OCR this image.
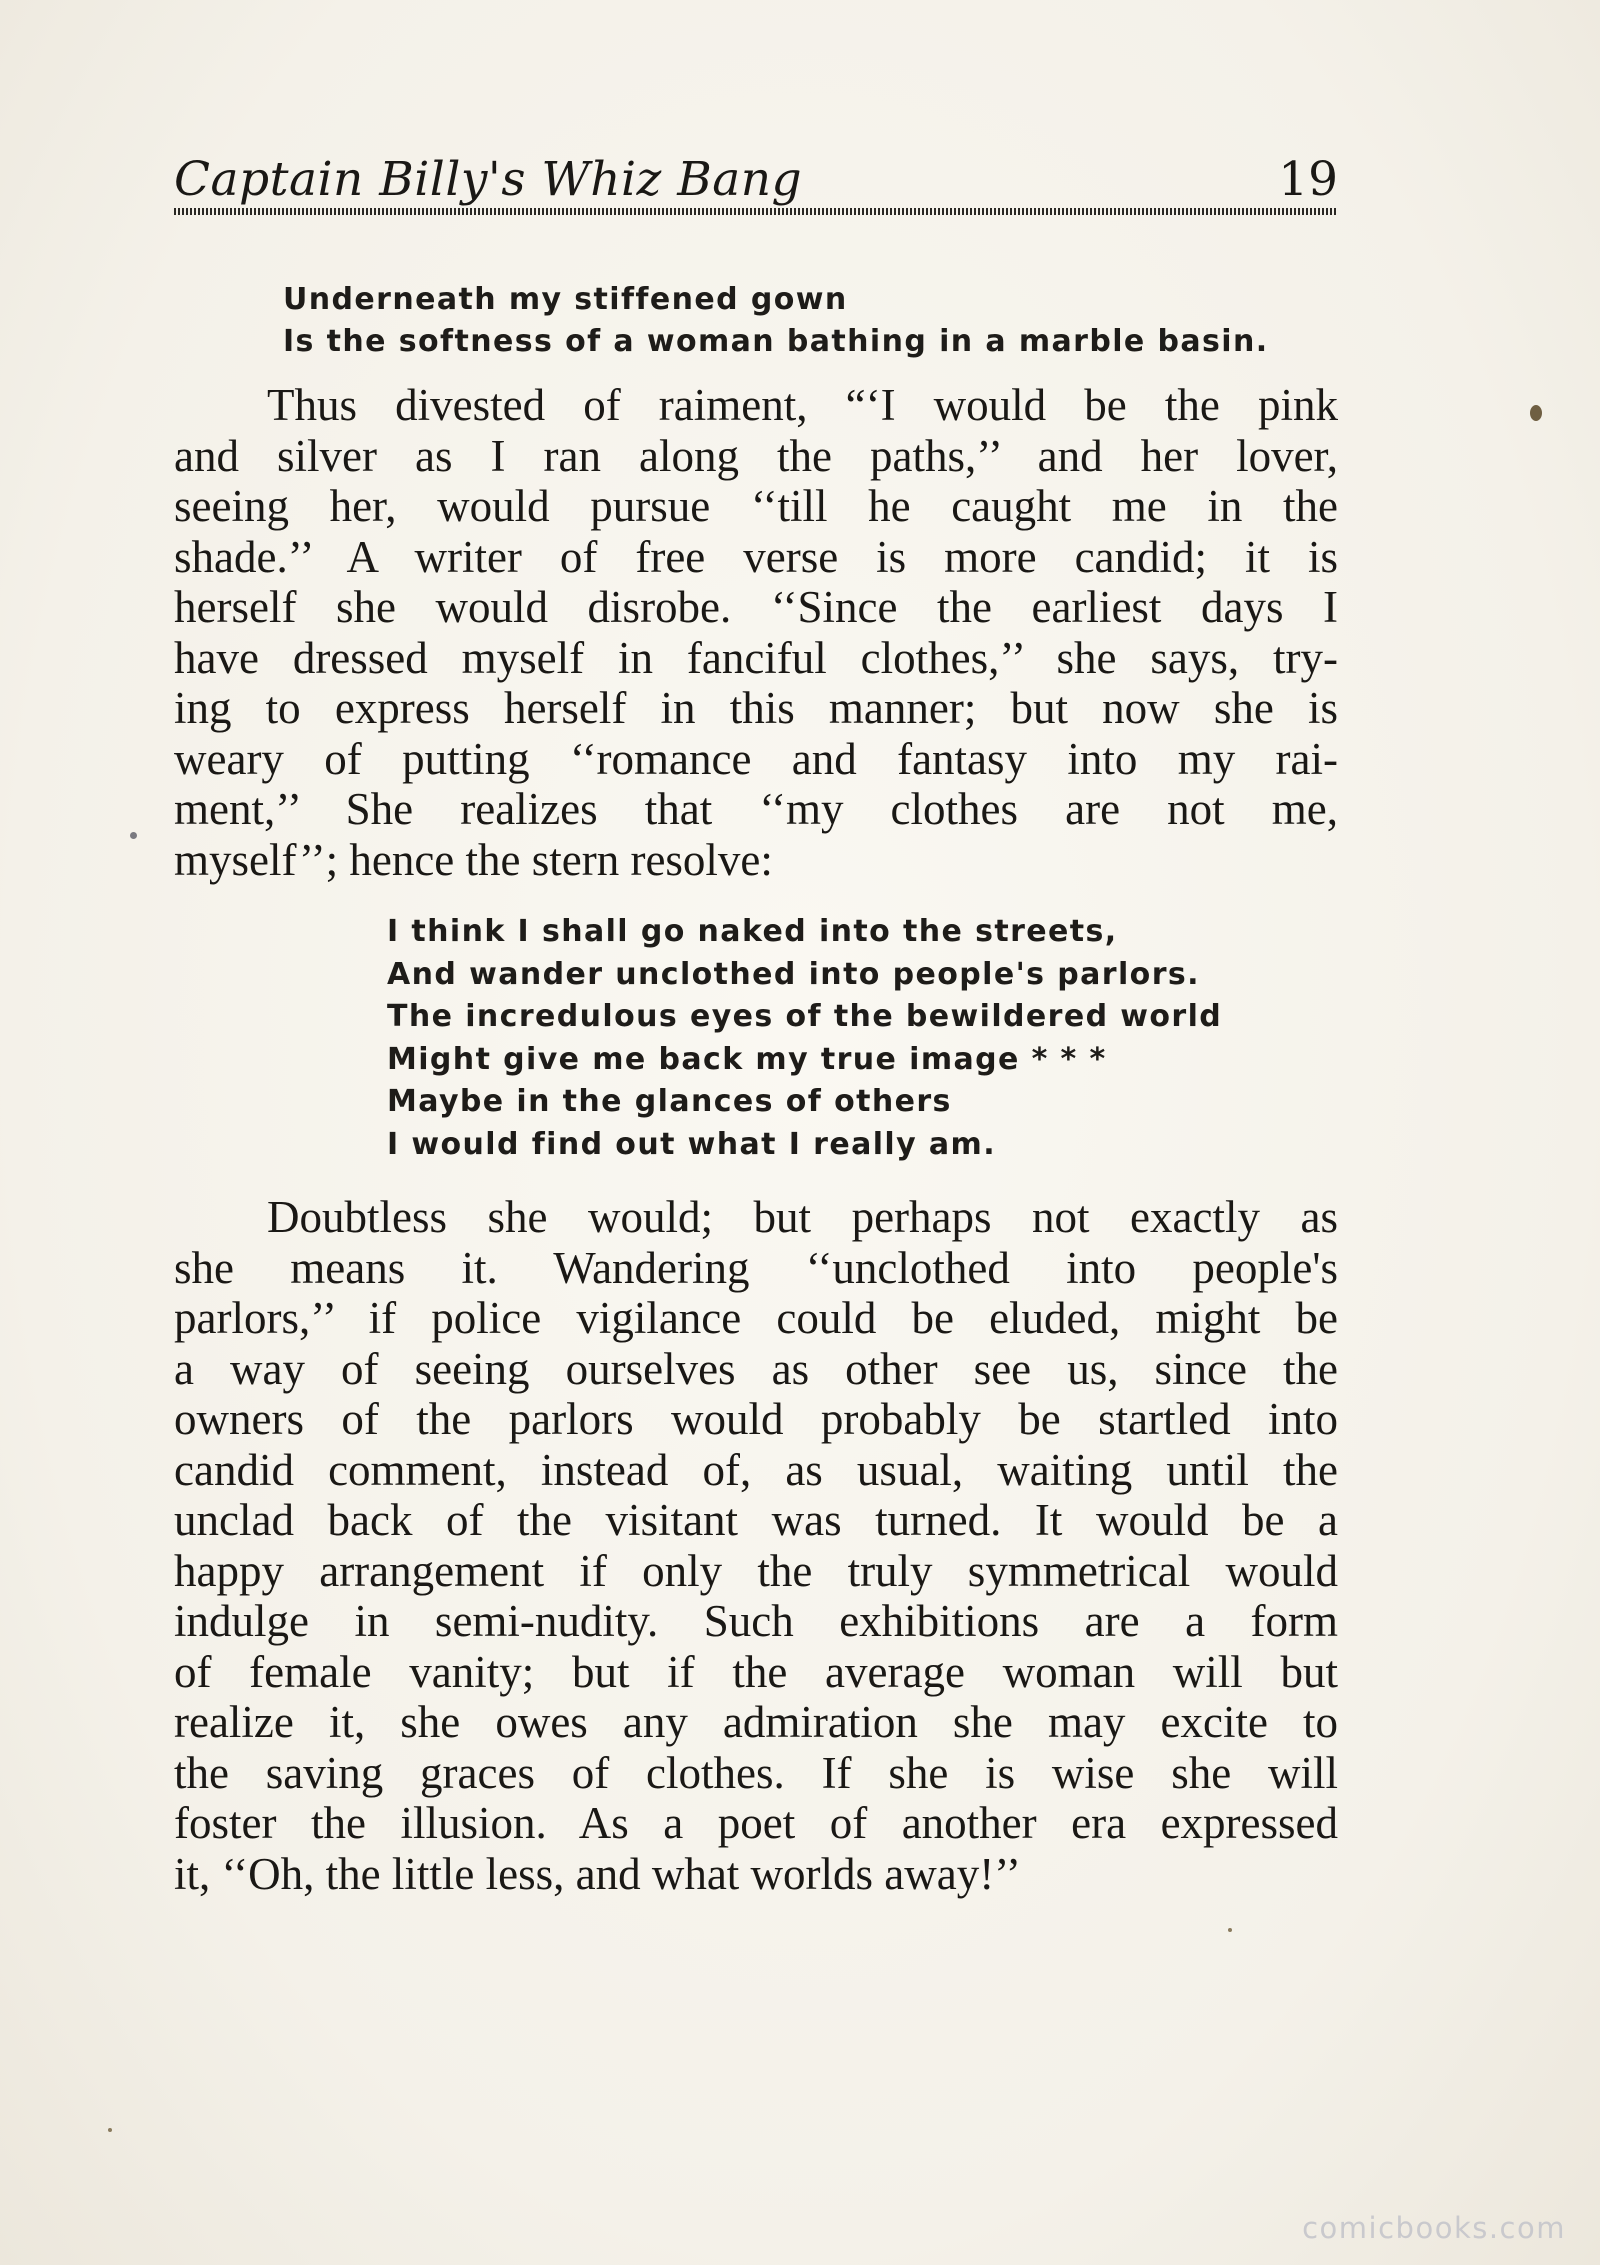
Captain Billy's Whiz Bang	19
Underneath my stiffened gown
Is the softness of a woman bathing in a marble basin.
Thus divested of raiment, “‘I would be the pink
and silver as I ran along the paths,’’ and her lover,
seeing her, would pursue ‘‘till he caught me in the
shade.’’ A writer of free verse is more candid; it is
herself she would disrobe. ‘‘Since the earliest days I
have dressed myself in fanciful clothes,’’ she says, try-
ing to express herself in this manner; but now she is
weary of putting ‘‘romance and fantasy into my rai-
ment,’’ She realizes that ‘‘my clothes are not me,
myself’’; hence the stern resolve:
I think I shall go naked into the streets,
And wander unclothed into people's parlors.
The incredulous eyes of the bewildered world
Might give me back my true image * * *
Maybe in the glances of others
I would find out what I really am.
Doubtless she would; but perhaps not exactly as
she means it. Wandering ‘‘unclothed into people's
parlors,’’ if police vigilance could be eluded, might be
a way of seeing ourselves as other see us, since the
owners of the parlors would probably be startled into
candid comment, instead of, as usual, waiting until the
unclad back of the visitant was turned. It would be a
happy arrangement if only the truly symmetrical would
indulge in semi-nudity. Such exhibitions are a form
of female vanity; but if the average woman will but
realize it, she owes any admiration she may excite to
the saving graces of clothes. If she is wise she will
foster the illusion. As a poet of another era expressed
it, ‘‘Oh, the little less, and what worlds away!’’
comicbooks.com
